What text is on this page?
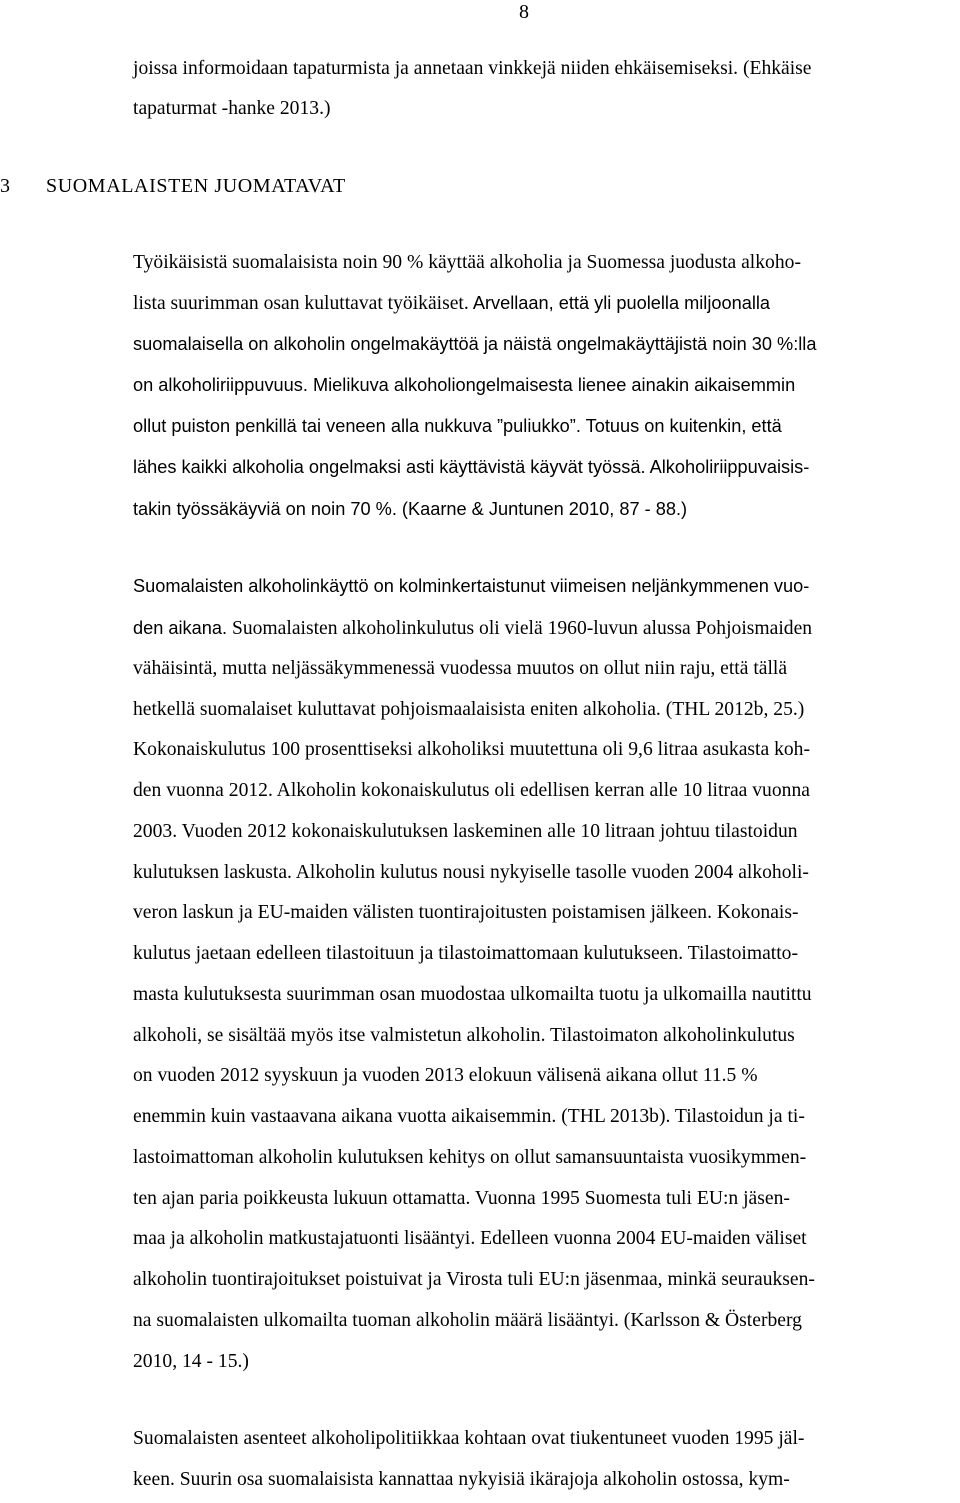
8
joissa informoidaan tapaturmista ja annetaan vinkkejä niiden ehkäisemiseksi. (Ehkäise
tapaturmat -hanke 2013.)
3 SUOMALAISTEN JUOMATAVAT
Työikäisistä suomalaisista noin 90 % käyttää alkoholia ja Suomessa juodusta alkoho-
lista suurimman osan kuluttavat työikäiset. Arvellaan, että yli puolella miljoonalla
suomalaisella on alkoholin ongelmakäyttöä ja näistä ongelmakäyttäjistä noin 30 %:lla
on alkoholiriippuvuus. Mielikuva alkoholiongelmaisesta lienee ainakin aikaisemmin
ollut puiston penkillä tai veneen alla nukkuva ”puliukko”. Totuus on kuitenkin, että
lähes kaikki alkoholia ongelmaksi asti käyttävistä käyvät työssä. Alkoholiriippuvaisis-
takin työssäkäyviä on noin 70 %. (Kaarne & Juntunen 2010, 87 - 88.)
Suomalaisten alkoholinkäyttö on kolminkertaistunut viimeisen neljänkymmenen vuo-
den aikana. Suomalaisten alkoholinkulutus oli vielä 1960-luvun alussa Pohjoismaiden
vähäisintä, mutta neljässäkymmenessä vuodessa muutos on ollut niin raju, että tällä
hetkellä suomalaiset kuluttavat pohjoismaalaisista eniten alkoholia. (THL 2012b, 25.)
Kokonaiskulutus 100 prosenttiseksi alkoholiksi muutettuna oli 9,6 litraa asukasta koh-
den vuonna 2012. Alkoholin kokonaiskulutus oli edellisen kerran alle 10 litraa vuonna
2003. Vuoden 2012 kokonaiskulutuksen laskeminen alle 10 litraan johtuu tilastoidun
kulutuksen laskusta. Alkoholin kulutus nousi nykyiselle tasolle vuoden 2004 alkoholi-
veron laskun ja EU-maiden välisten tuontirajoitusten poistamisen jälkeen. Kokonais-
kulutus jaetaan edelleen tilastoituun ja tilastoimattomaan kulutukseen. Tilastoimatto-
masta kulutuksesta suurimman osan muodostaa ulkomailta tuotu ja ulkomailla nautittu
alkoholi, se sisältää myös itse valmistetun alkoholin. Tilastoimaton alkoholinkulutus
on vuoden 2012 syyskuun ja vuoden 2013 elokuun välisenä aikana ollut 11.5 %
enemmin kuin vastaavana aikana vuotta aikaisemmin. (THL 2013b). Tilastoidun ja ti-
lastoimattoman alkoholin kulutuksen kehitys on ollut samansuuntaista vuosikymmen-
ten ajan paria poikkeusta lukuun ottamatta. Vuonna 1995 Suomesta tuli EU:n jäsen-
maa ja alkoholin matkustajatuonti lisääntyi. Edelleen vuonna 2004 EU-maiden väliset
alkoholin tuontirajoitukset poistuivat ja Virosta tuli EU:n jäsenmaa, minkä seurauksen-
na suomalaisten ulkomailta tuoman alkoholin määrä lisääntyi. (Karlsson & Österberg
2010, 14 - 15.)
Suomalaisten asenteet alkoholipolitiikkaa kohtaan ovat tiukentuneet vuoden 1995 jäl-
keen. Suurin osa suomalaisista kannattaa nykyisiä ikärajoja alkoholin ostossa, kym-
